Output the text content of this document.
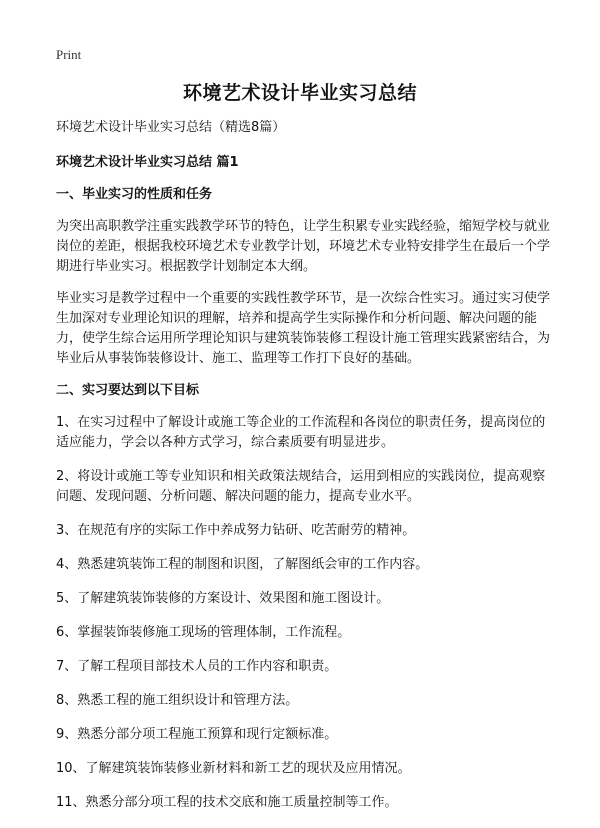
Print
环境艺术设计毕业实习总结

环境艺术设计毕业实习总结（精选8篇）

环境艺术设计毕业实习总结 篇1

一、毕业实习的性质和任务

为突出高职教学注重实践教学环节的特色，让学生积累专业实践经验，缩短学校与就业岗位的差距，根据我校环境艺术专业教学计划，环境艺术专业特安排学生在最后一个学期进行毕业实习。根据教学计划制定本大纲。

毕业实习是教学过程中一个重要的实践性教学环节，是一次综合性实习。通过实习使学生加深对专业理论知识的理解，培养和提高学生实际操作和分析问题、解决问题的能力，使学生综合运用所学理论知识与建筑装饰装修工程设计施工管理实践紧密结合，为毕业后从事装饰装修设计、施工、监理等工作打下良好的基础。

二、实习要达到以下目标

1、在实习过程中了解设计或施工等企业的工作流程和各岗位的职责任务，提高岗位的适应能力，学会以各种方式学习，综合素质要有明显进步。

2、将设计或施工等专业知识和相关政策法规结合，运用到相应的实践岗位，提高观察问题、发现问题、分析问题、解决问题的能力，提高专业水平。

3、在规范有序的实际工作中养成努力钻研、吃苦耐劳的精神。

4、熟悉建筑装饰工程的制图和识图，了解图纸会审的工作内容。

5、了解建筑装饰装修的方案设计、效果图和施工图设计。

6、掌握装饰装修施工现场的管理体制，工作流程。

7、了解工程项目部技术人员的工作内容和职责。

8、熟悉工程的施工组织设计和管理方法。

9、熟悉分部分项工程施工预算和现行定额标准。

10、了解建筑装饰装修业新材料和新工艺的现状及应用情况。

11、熟悉分部分项工程的技术交底和施工质量控制等工作。
